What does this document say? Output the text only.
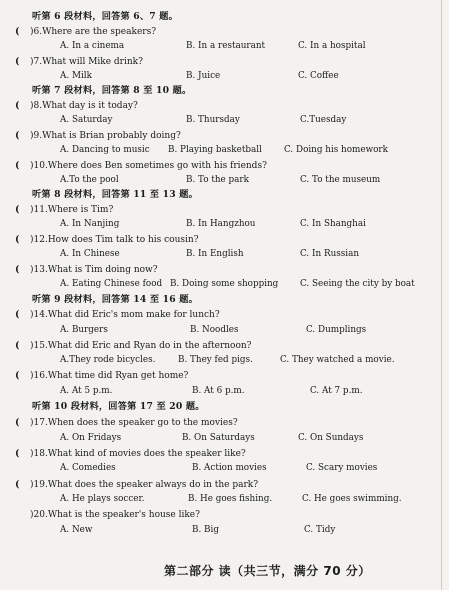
听第 6 段材料，回答第 6、7 题。
( )6.Where are the speakers?
A. In a cinema	B. In a restaurant	C. In a hospital
( )7.What will Mike drink?
A. Milk	B. Juice	C. Coffee
听第 7 段材料，回答第 8 至 10 题。
( )8.What day is it today?
A. Saturday	B. Thursday	C.Tuesday
( )9.What is Brian probably doing?
A. Dancing to music B. Playing basketball	C. Doing his homework
( )10.Where does Ben sometimes go with his friends?
A.To the pool	B. To the park	C. To the museum
听第 8 段材料，回答第 11 至 13 题。
( )11.Where is Tim?
A. In Nanjing	B. In Hangzhou	C. In Shanghai
( )12.How does Tim talk to his cousin?
A. In Chinese	B. In English	C. In Russian
( )13.What is Tim doing now?
A. Eating Chinese food B. Doing some shopping C. Seeing the city by boat
听第 9 段材料，回答第 14 至 16 题。
( )14.What did Eric's mom make for lunch?
A. Burgers	B. Noodles	C. Dumplings
( )15.What did Eric and Ryan do in the afternoon?
A.They rode bicycles.	B. They fed pigs.	C. They watched a movie.
( )16.What time did Ryan get home?
A. At 5 p.m.	B. At 6 p.m.	C. At 7 p.m.
听第 10 段材料，回答第 17 至 20 题。
( )17.When does the speaker go to the movies?
A. On Fridays	B. On Saturdays	C. On Sundays
( )18.What kind of movies does the speaker like?
A. Comedies	B. Action movies	C. Scary movies
( )19.What does the speaker always do in the park?
A. He plays soccer.	B. He goes fishing.	C. He goes swimming.
)20.What is the speaker's house like?
A. New	B. Big	C. Tidy
第二部分 读（共三节，满分 70 分）
